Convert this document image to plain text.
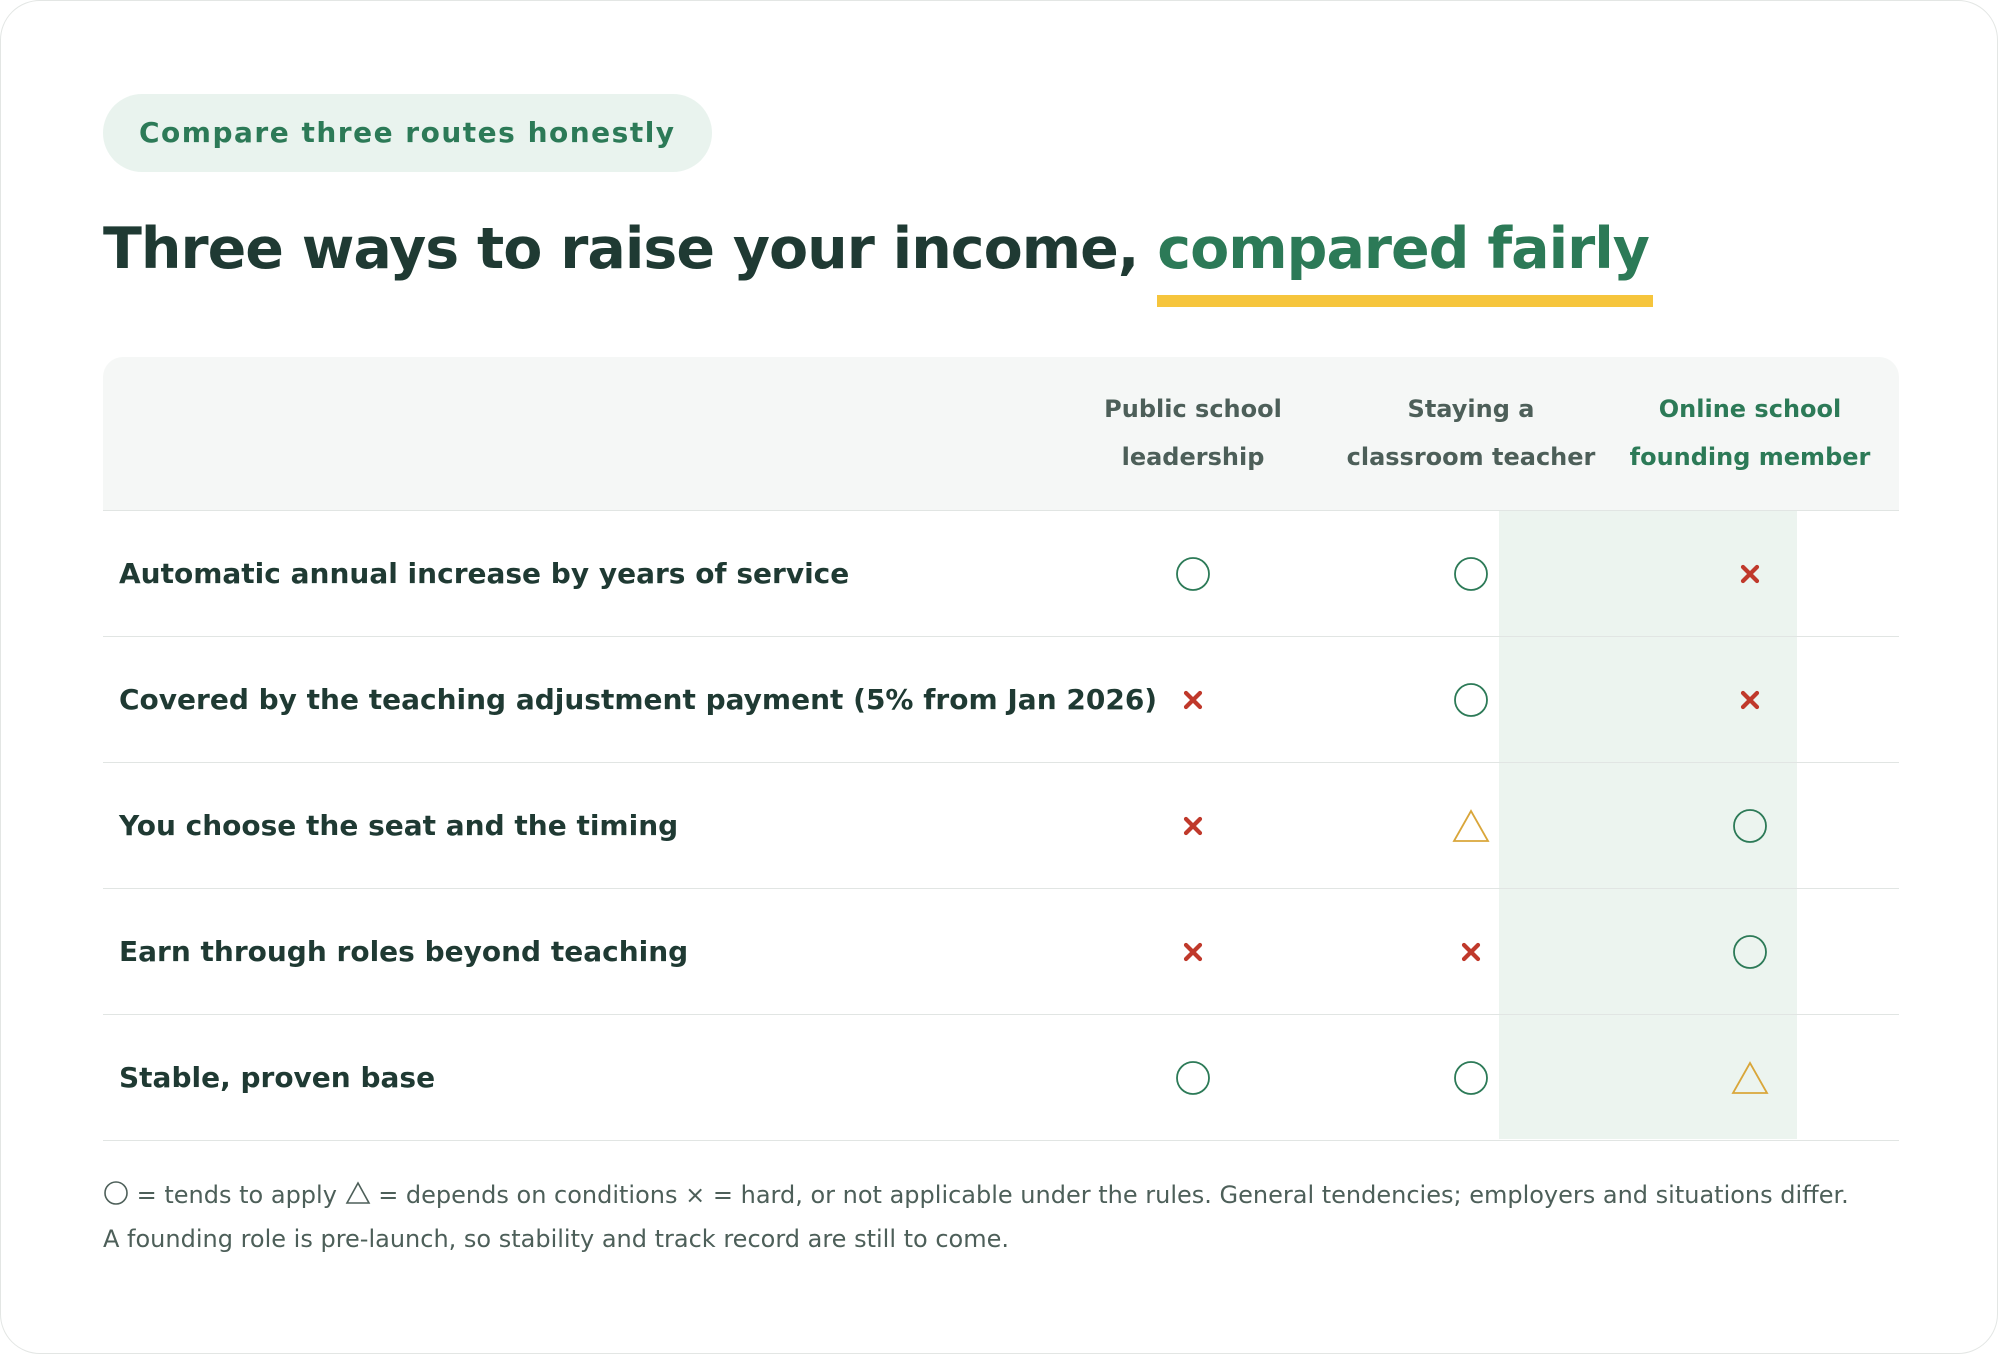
Compare three routes honestly
Three ways to raise your income, compared fairly
Public school
leadership
Staying a
classroom teacher
Online school
founding member
Automatic annual increase by years of service
Covered by the teaching adjustment payment (5% from Jan 2026)
You choose the seat and the timing
Earn through roles beyond teaching
Stable, proven base
= tends to apply = depends on conditions × = hard, or not applicable under the rules. General tendencies; employers and situations differ. A founding role is pre-launch, so stability and track record are still to come.
